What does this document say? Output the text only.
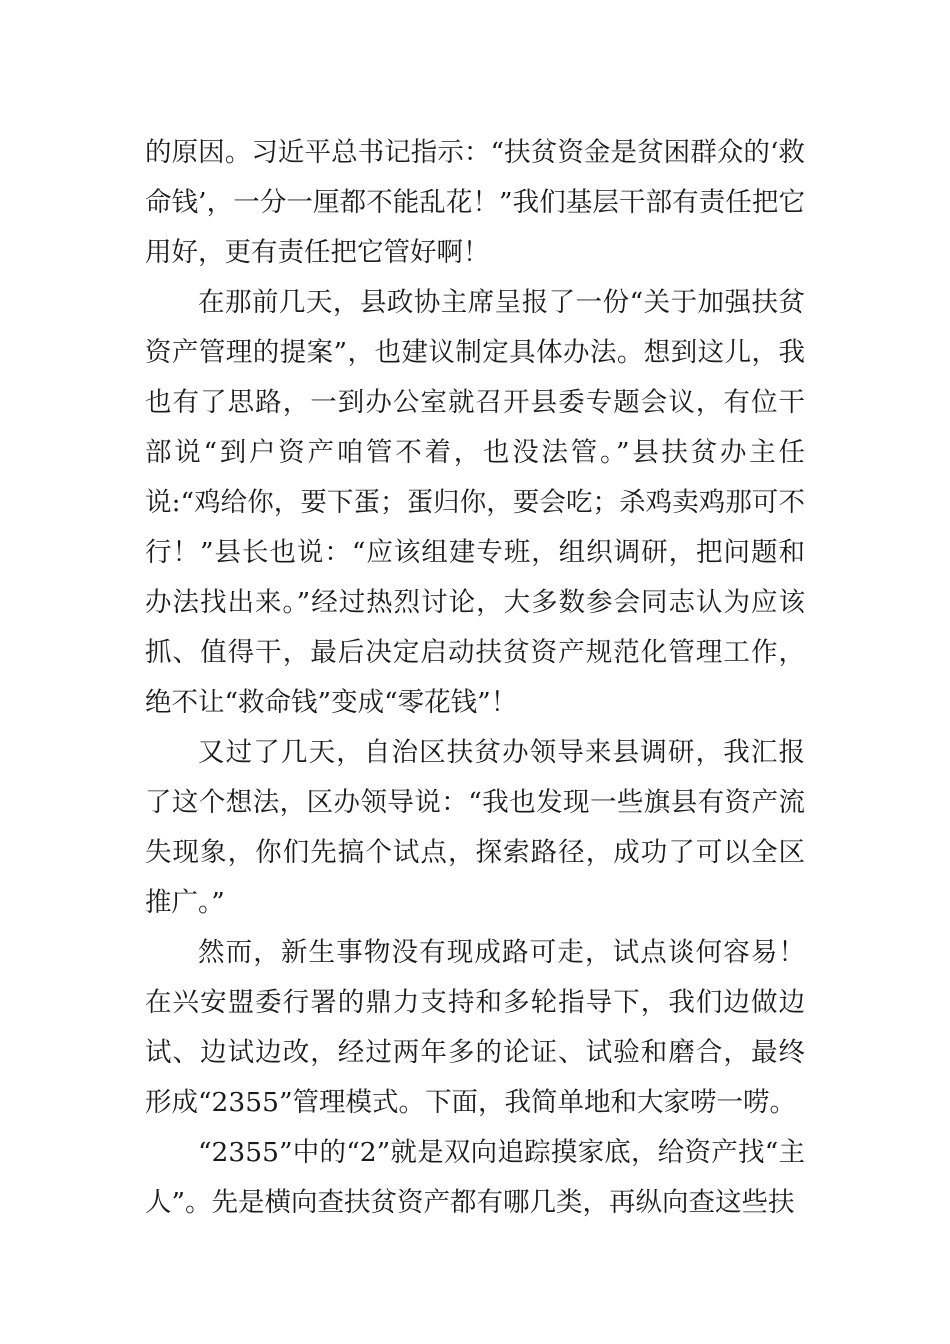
的原因。习近平总书记指示：“扶贫资金是贫困群众的‘救命钱’，一分一厘都不能乱花！”我们基层干部有责任把它用好，更有责任把它管好啊！

在那前几天，县政协主席呈报了一份“关于加强扶贫资产管理的提案”，也建议制定具体办法。想到这儿，我也有了思路，一到办公室就召开县委专题会议，有位干部说“到户资产咱管不着，也没法管。”县扶贫办主任说:“鸡给你，要下蛋；蛋归你，要会吃；杀鸡卖鸡那可不行！”县长也说：“应该组建专班，组织调研，把问题和办法找出来。”经过热烈讨论，大多数参会同志认为应该抓、值得干，最后决定启动扶贫资产规范化管理工作，绝不让“救命钱”变成“零花钱”！

又过了几天，自治区扶贫办领导来县调研，我汇报了这个想法，区办领导说：“我也发现一些旗县有资产流失现象，你们先搞个试点，探索路径，成功了可以全区推广。”

然而，新生事物没有现成路可走，试点谈何容易！在兴安盟委行署的鼎力支持和多轮指导下，我们边做边试、边试边改，经过两年多的论证、试验和磨合，最终形成“2355”管理模式。下面，我简单地和大家唠一唠。

“2355”中的“2”就是双向追踪摸家底，给资产找“主人”。先是横向查扶贫资产都有哪几类，再纵向查这些扶
